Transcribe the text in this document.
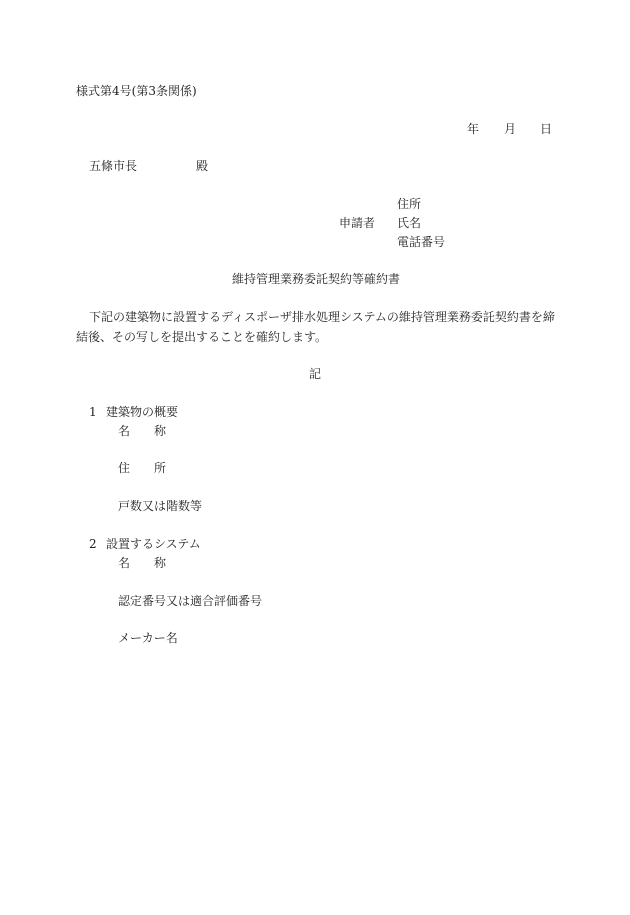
様式第4号(第3条関係)

年 月 日
五條市長	殿
住所
申請者 氏名
電話番号

維持管理業務委託契約等確約書

下記の建築物に設置するディスポーザ排水処理システムの維持管理業務委託契約書を締

結後、その写しを提出することを確約します。

記

1 建築物の概要
名 称
住 所
戸数又は階数等
2 設置するシステム
名 称
認定番号又は適合評価番号
メーカー名
